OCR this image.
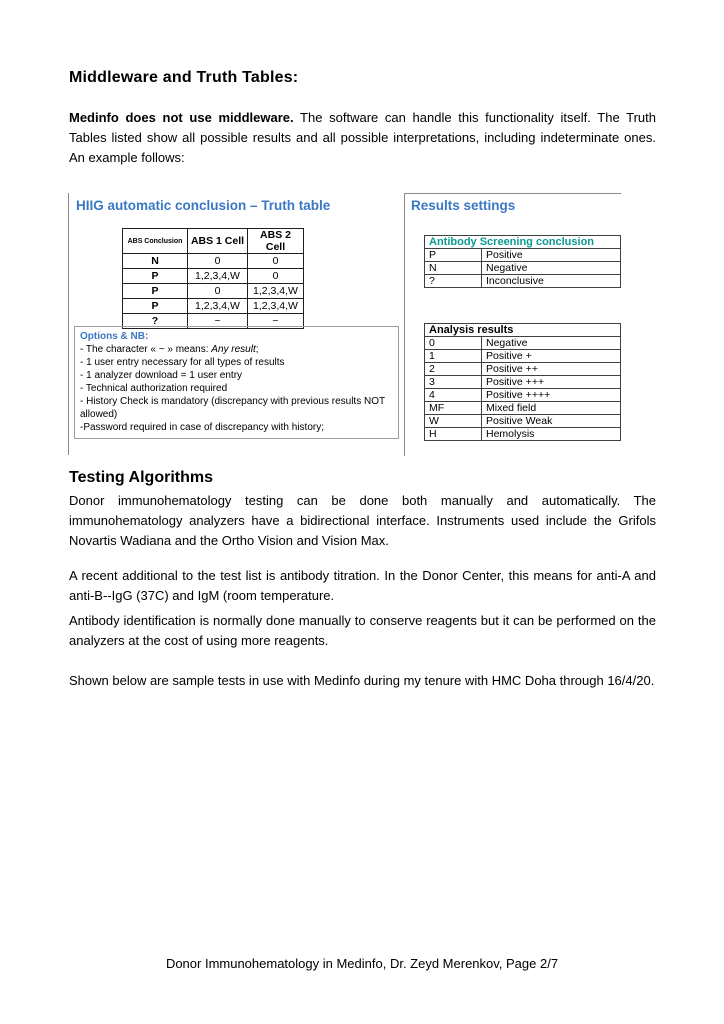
Middleware and Truth Tables:
Medinfo does not use middleware. The software can handle this functionality itself. The Truth Tables listed show all possible results and all possible interpretations, including indeterminate ones. An example follows:
HIIG automatic conclusion – Truth table
ABS Conclusion	ABS 1 Cell	ABS 2 Cell
N	0	0
P	1,2,3,4,W	0
P	0	1,2,3,4,W
P	1,2,3,4,W	1,2,3,4,W
?	~	~
Options & NB:
- The character « ~ » means: Any result;
- 1 user entry necessary for all types of results
- 1 analyzer download = 1 user entry
- Technical authorization required
- History Check is mandatory (discrepancy with previous results NOT allowed)
-Password required in case of discrepancy with history;
Results settings
Antibody Screening conclusion	
P	Positive
N	Negative
?	Inconclusive
Analysis results	
0	Negative
1	Positive +
2	Positive ++
3	Positive +++
4	Positive ++++
MF	Mixed field
W	Positive Weak
H	Hemolysis
Testing Algorithms
Donor immunohematology testing can be done both manually and automatically. The immunohematology analyzers have a bidirectional interface. Instruments used include the Grifols Novartis Wadiana and the Ortho Vision and Vision Max.
A recent additional to the test list is antibody titration. In the Donor Center, this means for anti-A and anti-B--IgG (37C) and IgM (room temperature.
Antibody identification is normally done manually to conserve reagents but it can be performed on the analyzers at the cost of using more reagents.
Shown below are sample tests in use with Medinfo during my tenure with HMC Doha through 16/4/20.
Donor Immunohematology in Medinfo, Dr. Zeyd Merenkov, Page 2/7
